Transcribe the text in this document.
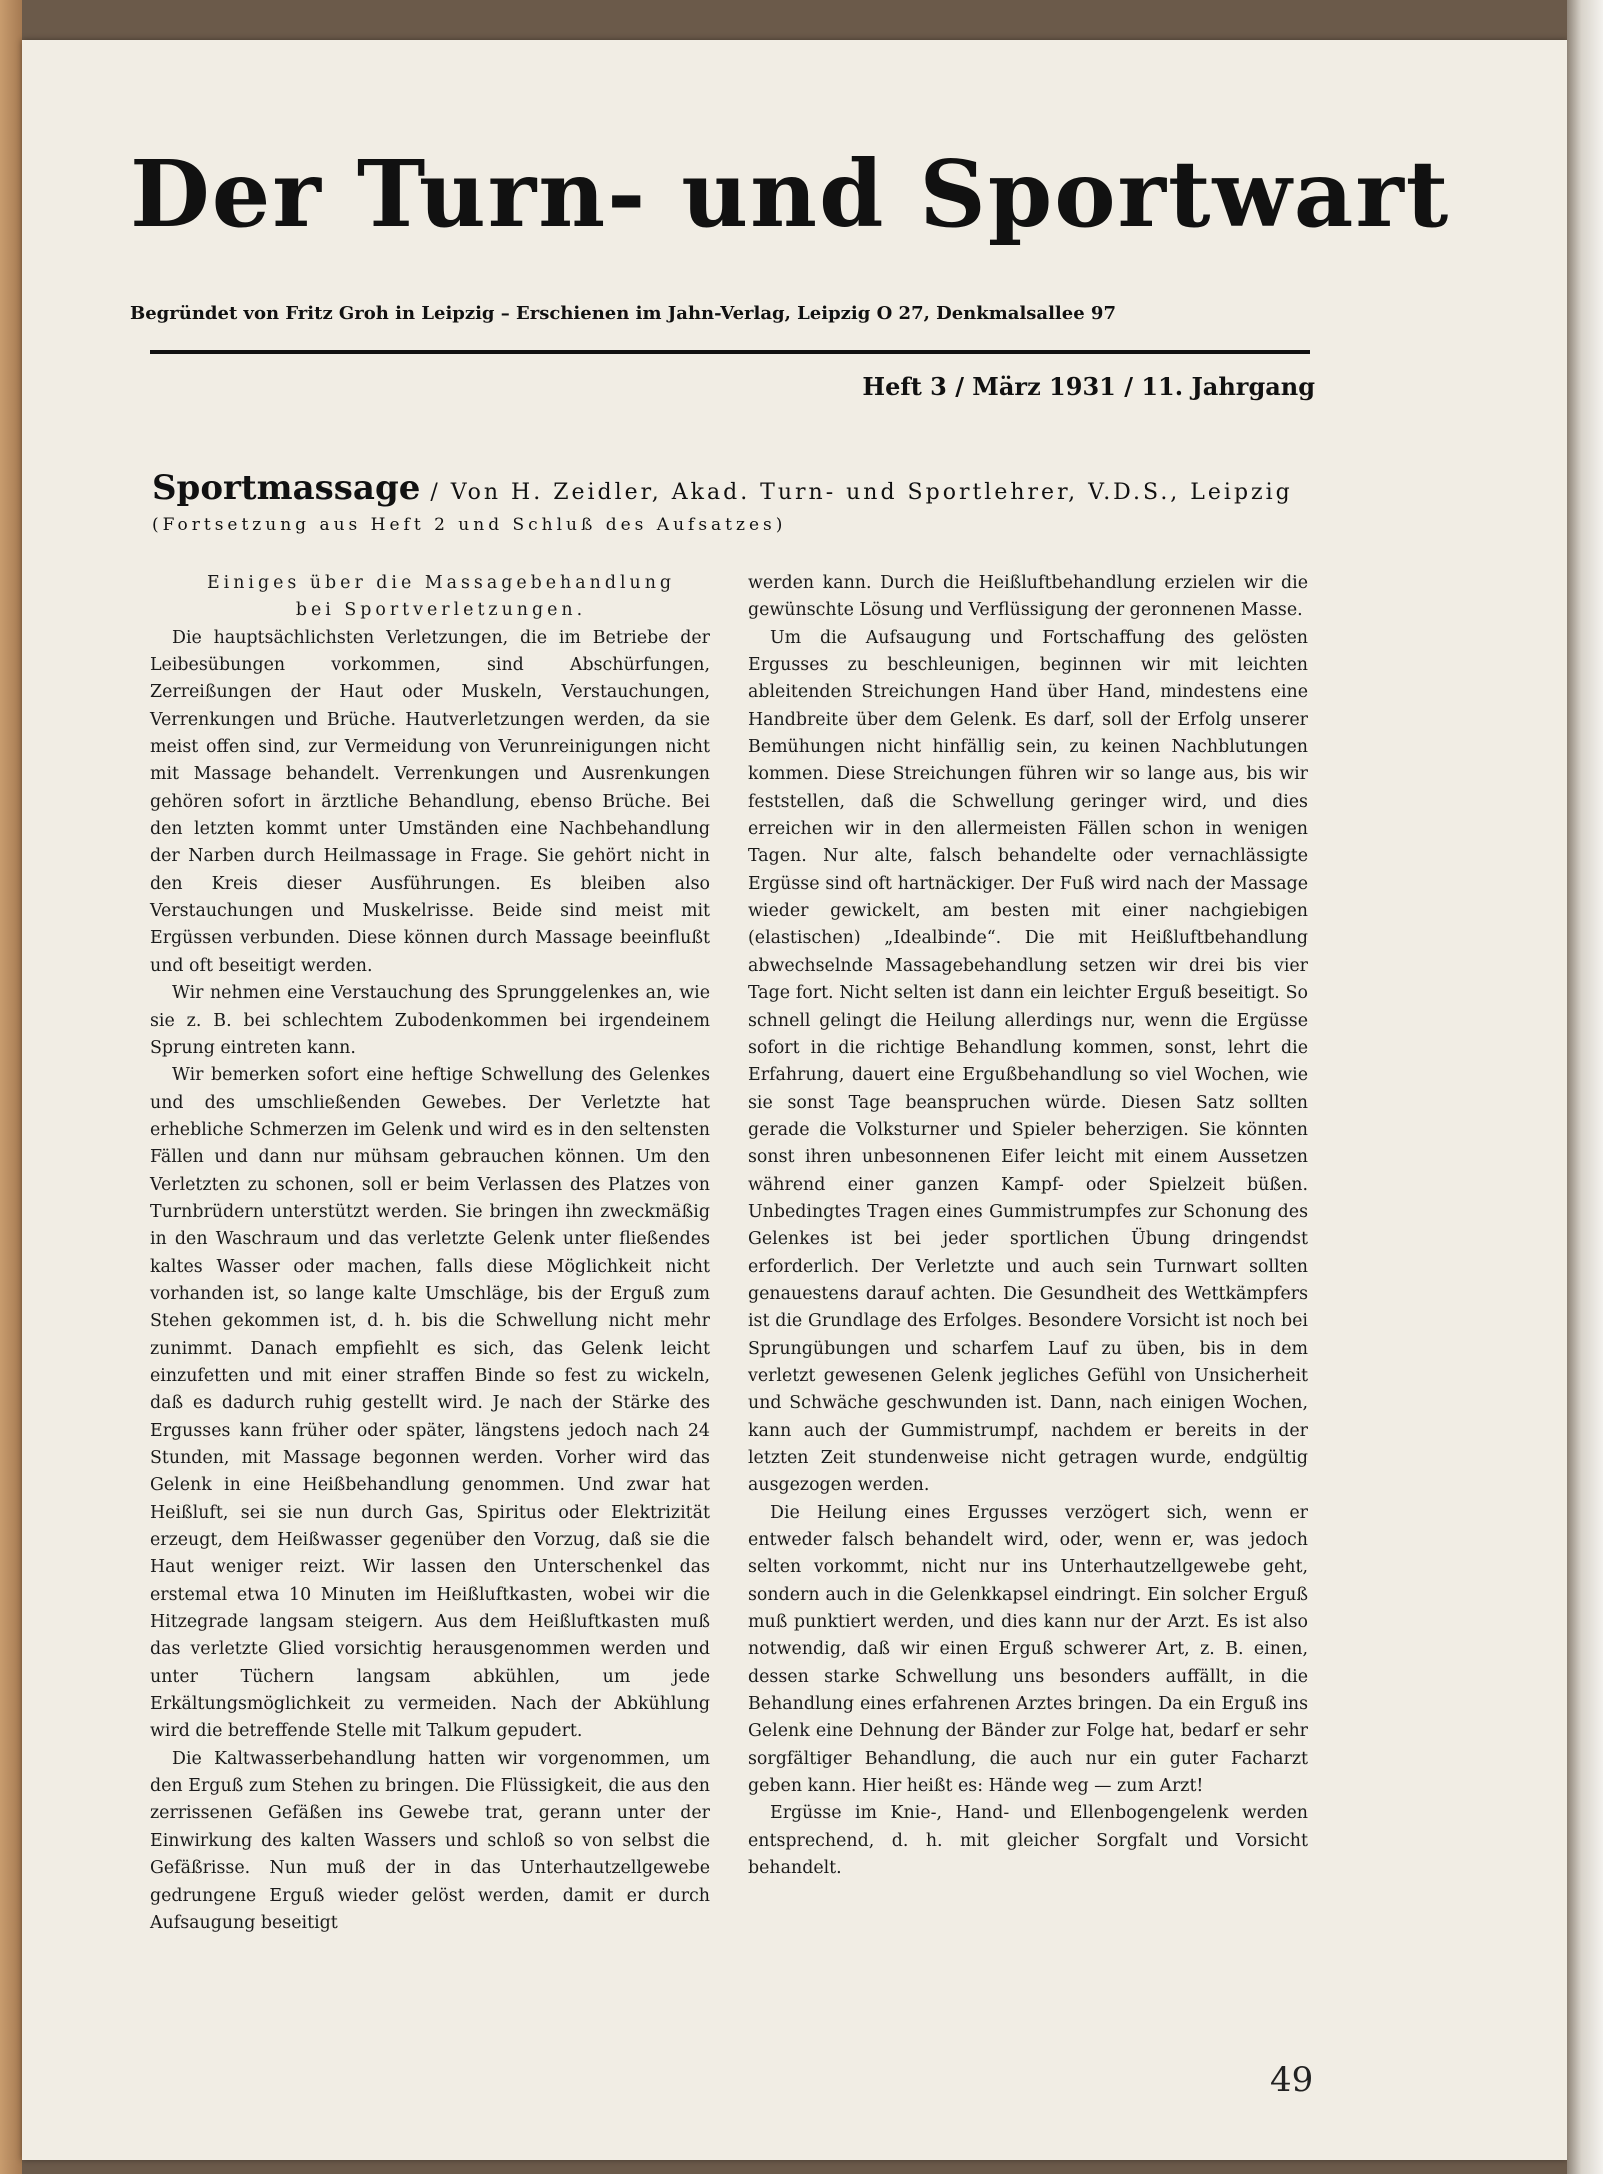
Der Turn- und Sportwart
Begründet von Fritz Groh in Leipzig – Erschienen im Jahn-Verlag, Leipzig O 27, Denkmalsallee 97
Heft 3 / März 1931 / 11. Jahrgang
Sportmassage / Von H. Zeidler, Akad. Turn- und Sportlehrer, V.D.S., Leipzig
(Fortsetzung aus Heft 2 und Schluß des Aufsatzes)

Einiges über die Massagebehandlung

bei Sportverletzungen.

Die hauptsächlichsten Verletzungen, die im Betriebe der Leibesübungen vorkommen, sind Abschürfungen, Zerreißungen der Haut oder Muskeln, Verstauchungen, Verrenkungen und Brüche. Hautverletzungen werden, da sie meist offen sind, zur Vermeidung von Verunreinigungen nicht mit Massage behandelt. Verrenkungen und Ausrenkungen gehören sofort in ärztliche Behandlung, ebenso Brüche. Bei den letzten kommt unter Umständen eine Nachbehandlung der Narben durch Heilmassage in Frage. Sie gehört nicht in den Kreis dieser Ausführungen. Es bleiben also Verstauchungen und Muskelrisse. Beide sind meist mit Ergüssen verbunden. Diese können durch Massage beeinflußt und oft beseitigt werden.

Wir nehmen eine Verstauchung des Sprunggelenkes an, wie sie z. B. bei schlechtem Zubodenkommen bei irgendeinem Sprung eintreten kann.

Wir bemerken sofort eine heftige Schwellung des Gelenkes und des umschließenden Gewebes. Der Verletzte hat erhebliche Schmerzen im Gelenk und wird es in den seltensten Fällen und dann nur mühsam gebrauchen können. Um den Verletzten zu schonen, soll er beim Verlassen des Platzes von Turnbrüdern unterstützt werden. Sie bringen ihn zweckmäßig in den Waschraum und das verletzte Gelenk unter fließendes kaltes Wasser oder machen, falls diese Möglichkeit nicht vorhanden ist, so lange kalte Umschläge, bis der Erguß zum Stehen gekommen ist, d. h. bis die Schwellung nicht mehr zunimmt. Danach empfiehlt es sich, das Gelenk leicht einzufetten und mit einer straffen Binde so fest zu wickeln, daß es dadurch ruhig gestellt wird. Je nach der Stärke des Ergusses kann früher oder später, längstens jedoch nach 24 Stunden, mit Massage begonnen werden. Vorher wird das Gelenk in eine Heißbehandlung genommen. Und zwar hat Heißluft, sei sie nun durch Gas, Spiritus oder Elektrizität erzeugt, dem Heißwasser gegenüber den Vorzug, daß sie die Haut weniger reizt. Wir lassen den Unterschenkel das erstemal etwa 10 Minuten im Heißluftkasten, wobei wir die Hitzegrade langsam steigern. Aus dem Heißluftkasten muß das verletzte Glied vorsichtig herausgenommen werden und unter Tüchern langsam abkühlen, um jede Erkältungsmöglichkeit zu vermeiden. Nach der Abkühlung wird die betreffende Stelle mit Talkum gepudert.

Die Kaltwasserbehandlung hatten wir vorgenommen, um den Erguß zum Stehen zu bringen. Die Flüssigkeit, die aus den zerrissenen Gefäßen ins Gewebe trat, gerann unter der Einwirkung des kalten Wassers und schloß so von selbst die Gefäßrisse. Nun muß der in das Unterhautzellgewebe gedrungene Erguß wieder gelöst werden, damit er durch Aufsaugung beseitigt

werden kann. Durch die Heißluftbehandlung erzielen wir die gewünschte Lösung und Verflüssigung der geronnenen Masse.

Um die Aufsaugung und Fortschaffung des gelösten Ergusses zu beschleunigen, beginnen wir mit leichten ableitenden Streichungen Hand über Hand, mindestens eine Handbreite über dem Gelenk. Es darf, soll der Erfolg unserer Bemühungen nicht hinfällig sein, zu keinen Nachblutungen kommen. Diese Streichungen führen wir so lange aus, bis wir feststellen, daß die Schwellung geringer wird, und dies erreichen wir in den allermeisten Fällen schon in wenigen Tagen. Nur alte, falsch behandelte oder vernachlässigte Ergüsse sind oft hartnäckiger. Der Fuß wird nach der Massage wieder gewickelt, am besten mit einer nachgiebigen (elastischen) „Idealbinde“. Die mit Heißluftbehandlung abwechselnde Massagebehandlung setzen wir drei bis vier Tage fort. Nicht selten ist dann ein leichter Erguß beseitigt. So schnell gelingt die Heilung allerdings nur, wenn die Ergüsse sofort in die richtige Behandlung kommen, sonst, lehrt die Erfahrung, dauert eine Ergußbehandlung so viel Wochen, wie sie sonst Tage beanspruchen würde. Diesen Satz sollten gerade die Volksturner und Spieler beherzigen. Sie könnten sonst ihren unbesonnenen Eifer leicht mit einem Aussetzen während einer ganzen Kampf- oder Spielzeit büßen. Unbedingtes Tragen eines Gummistrumpfes zur Schonung des Gelenkes ist bei jeder sportlichen Übung dringendst erforderlich. Der Verletzte und auch sein Turnwart sollten genauestens darauf achten. Die Gesundheit des Wettkämpfers ist die Grundlage des Erfolges. Besondere Vorsicht ist noch bei Sprungübungen und scharfem Lauf zu üben, bis in dem verletzt gewesenen Gelenk jegliches Gefühl von Unsicherheit und Schwäche geschwunden ist. Dann, nach einigen Wochen, kann auch der Gummistrumpf, nachdem er bereits in der letzten Zeit stundenweise nicht getragen wurde, endgültig ausgezogen werden.

Die Heilung eines Ergusses verzögert sich, wenn er entweder falsch behandelt wird, oder, wenn er, was jedoch selten vorkommt, nicht nur ins Unterhautzellgewebe geht, sondern auch in die Gelenkkapsel eindringt. Ein solcher Erguß muß punktiert werden, und dies kann nur der Arzt. Es ist also notwendig, daß wir einen Erguß schwerer Art, z. B. einen, dessen starke Schwellung uns besonders auffällt, in die Behandlung eines erfahrenen Arztes bringen. Da ein Erguß ins Gelenk eine Dehnung der Bänder zur Folge hat, bedarf er sehr sorgfältiger Behandlung, die auch nur ein guter Facharzt geben kann. Hier heißt es: Hände weg — zum Arzt!

Ergüsse im Knie-, Hand- und Ellenbogengelenk werden entsprechend, d. h. mit gleicher Sorgfalt und Vorsicht behandelt.

49
